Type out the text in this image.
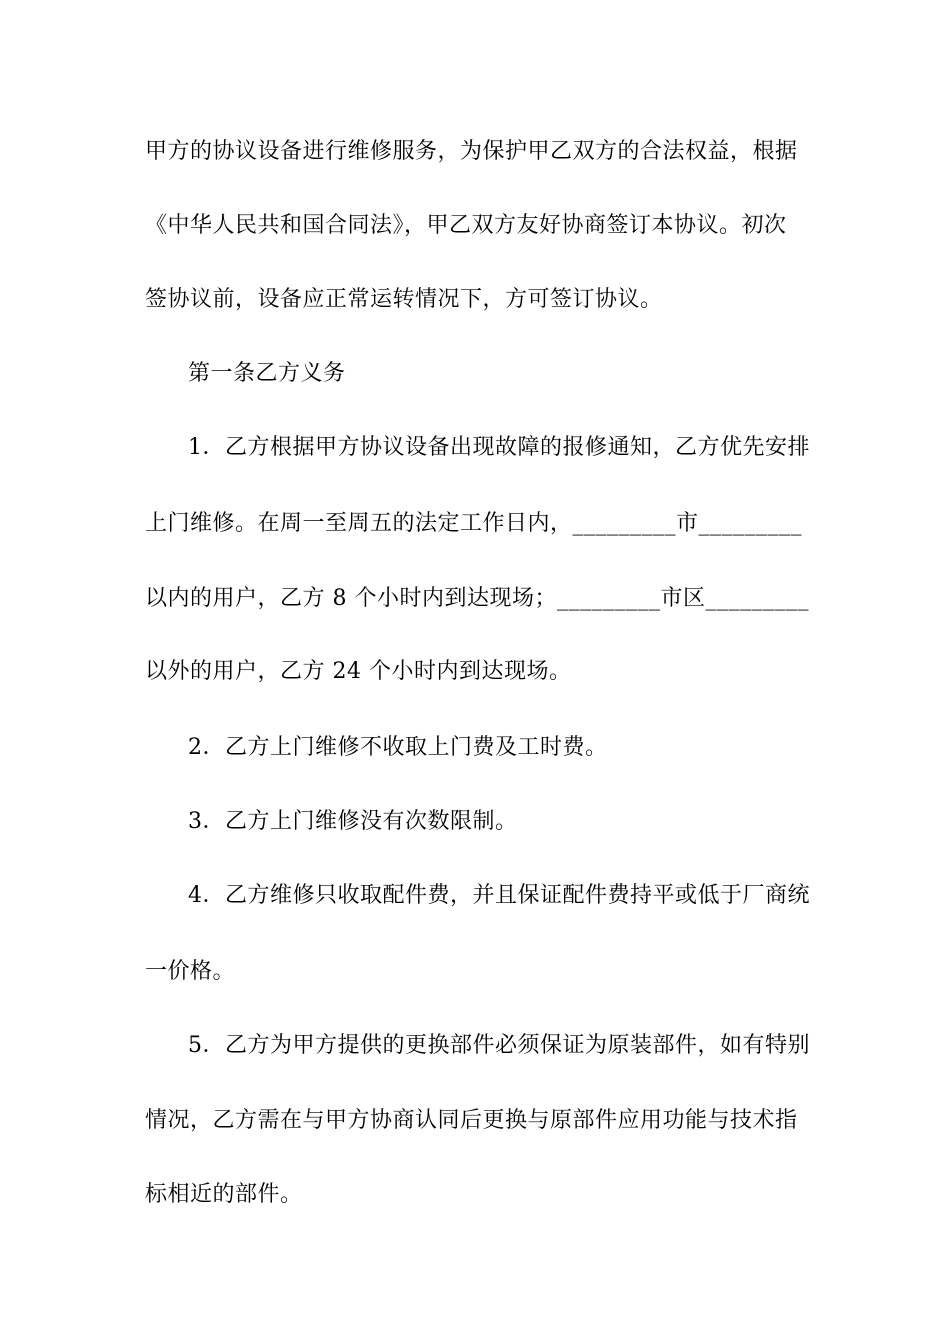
甲方的协议设备进行维修服务，为保护甲乙双方的合法权益，根据
《中华人民共和国合同法》，甲乙双方友好协商签订本协议。初次
签协议前，设备应正常运转情况下，方可签订协议。
第一条乙方义务
1．乙方根据甲方协议设备出现故障的报修通知，乙方优先安排
上门维修。在周一至周五的法定工作日内，_________市_________
以内的用户，乙方 8 个小时内到达现场；_________市区_________
以外的用户，乙方 24 个小时内到达现场。
2．乙方上门维修不收取上门费及工时费。
3．乙方上门维修没有次数限制。
4．乙方维修只收取配件费，并且保证配件费持平或低于厂商统
一价格。
5．乙方为甲方提供的更换部件必须保证为原装部件，如有特别
情况，乙方需在与甲方协商认同后更换与原部件应用功能与技术指
标相近的部件。
